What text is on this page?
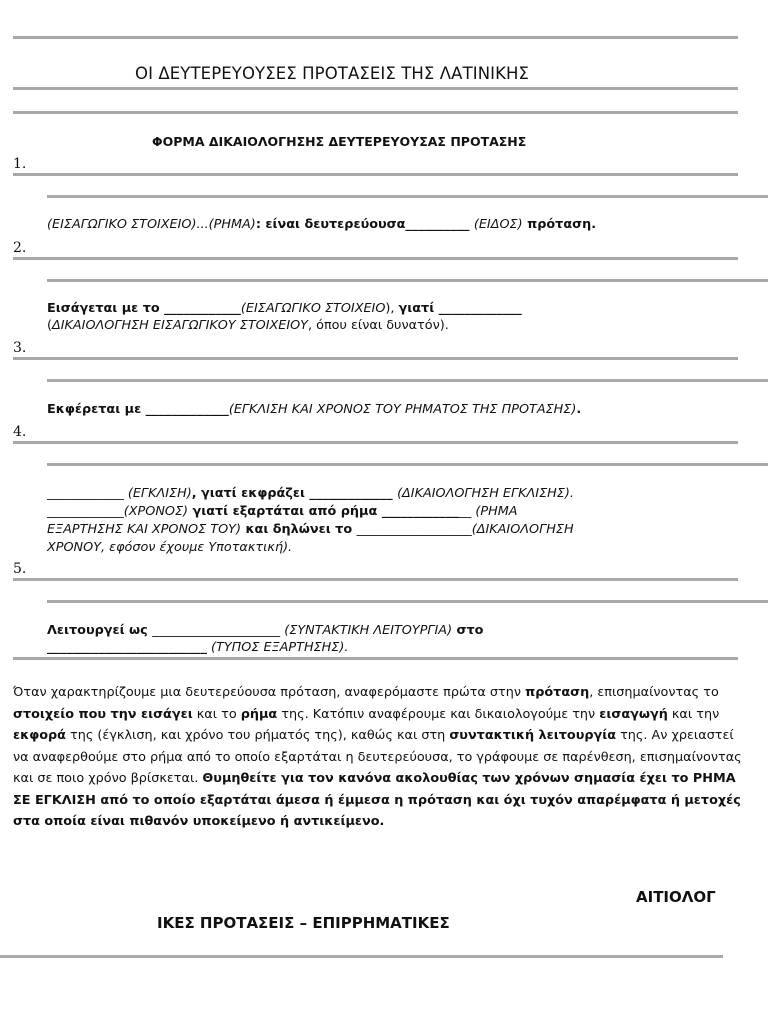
ΟΙ ΔΕΥΤΕΡΕΥΟΥΣΕΣ ΠΡΟΤΑΣΕΙΣ ΤΗΣ ΛΑΤΙΝΙΚΗΣ
ΦΟΡΜΑ ΔΙΚΑΙΟΛΟΓΗΣΗΣ ΔΕΥΤΕΡΕΥΟΥΣΑΣ ΠΡΟΤΑΣΗΣ
1.
2.
3.
4.
5.
(ΕΙΣΑΓΩΓΙΚΟ ΣΤΟΙΧΕΙΟ)...(ΡΗΜΑ): είναι δευτερεύουσα__________ (ΕΙΔΟΣ) πρόταση.
Εισάγεται με το ____________(ΕΙΣΑΓΩΓΙΚΟ ΣΤΟΙΧΕΙΟ), γιατί _____________
(ΔΙΚΑΙΟΛΟΓΗΣΗ ΕΙΣΑΓΩΓΙΚΟΥ ΣΤΟΙΧΕΙΟΥ, όπου είναι δυνατόν).
Εκφέρεται με _____________(ΕΓΚΛΙΣΗ ΚΑΙ ΧΡΟΝΟΣ ΤΟΥ ΡΗΜΑΤΟΣ ΤΗΣ ΠΡΟΤΑΣΗΣ).
____________ (ΕΓΚΛΙΣΗ), γιατί εκφράζει _____________ (ΔΙΚΑΙΟΛΟΓΗΣΗ ΕΓΚΛΙΣΗΣ).
____________(ΧΡΟΝΟΣ) γιατί εξαρτάται από ρήμα ______________ (ΡΗΜΑ
ΕΞΑΡΤΗΣΗΣ ΚΑΙ ΧΡΟΝΟΣ ΤΟΥ) και δηλώνει το __________________(ΔΙΚΑΙΟΛΟΓΗΣΗ
ΧΡΟΝΟΥ, εφόσον έχουμε Υποτακτική).
Λειτουργεί ως ____________________ (ΣΥΝΤΑΚΤΙΚΗ ΛΕΙΤΟΥΡΓΙΑ) στο
_________________________ (ΤΥΠΟΣ ΕΞΑΡΤΗΣΗΣ).
Όταν χαρακτηρίζουμε μια δευτερεύουσα πρόταση, αναφερόμαστε πρώτα στην πρόταση, επισημαίνοντας το στοιχείο που την εισάγει και το ρήμα της. Κατόπιν αναφέρουμε και δικαιολογούμε την εισαγωγή και την εκφορά της (έγκλιση, και χρόνο του ρήματός της), καθώς και στη συντακτική λειτουργία της. Αν χρειαστεί να αναφερθούμε στο ρήμα από το οποίο εξαρτάται η δευτερεύουσα, το γράφουμε σε παρένθεση, επισημαίνοντας και σε ποιο χρόνο βρίσκεται. Θυμηθείτε για τον κανόνα ακολουθίας των χρόνων σημασία έχει το ΡΗΜΑ ΣΕ ΕΓΚΛΙΣΗ από το οποίο εξαρτάται άμεσα ή έμμεσα η πρόταση και όχι τυχόν απαρέμφατα ή μετοχές στα οποία είναι πιθανόν υποκείμενο ή αντικείμενο.
ΑΙΤΙΟΛΟΓ
ΙΚΕΣ ΠΡΟΤΑΣΕΙΣ – ΕΠΙΡΡΗΜΑΤΙΚΕΣ
